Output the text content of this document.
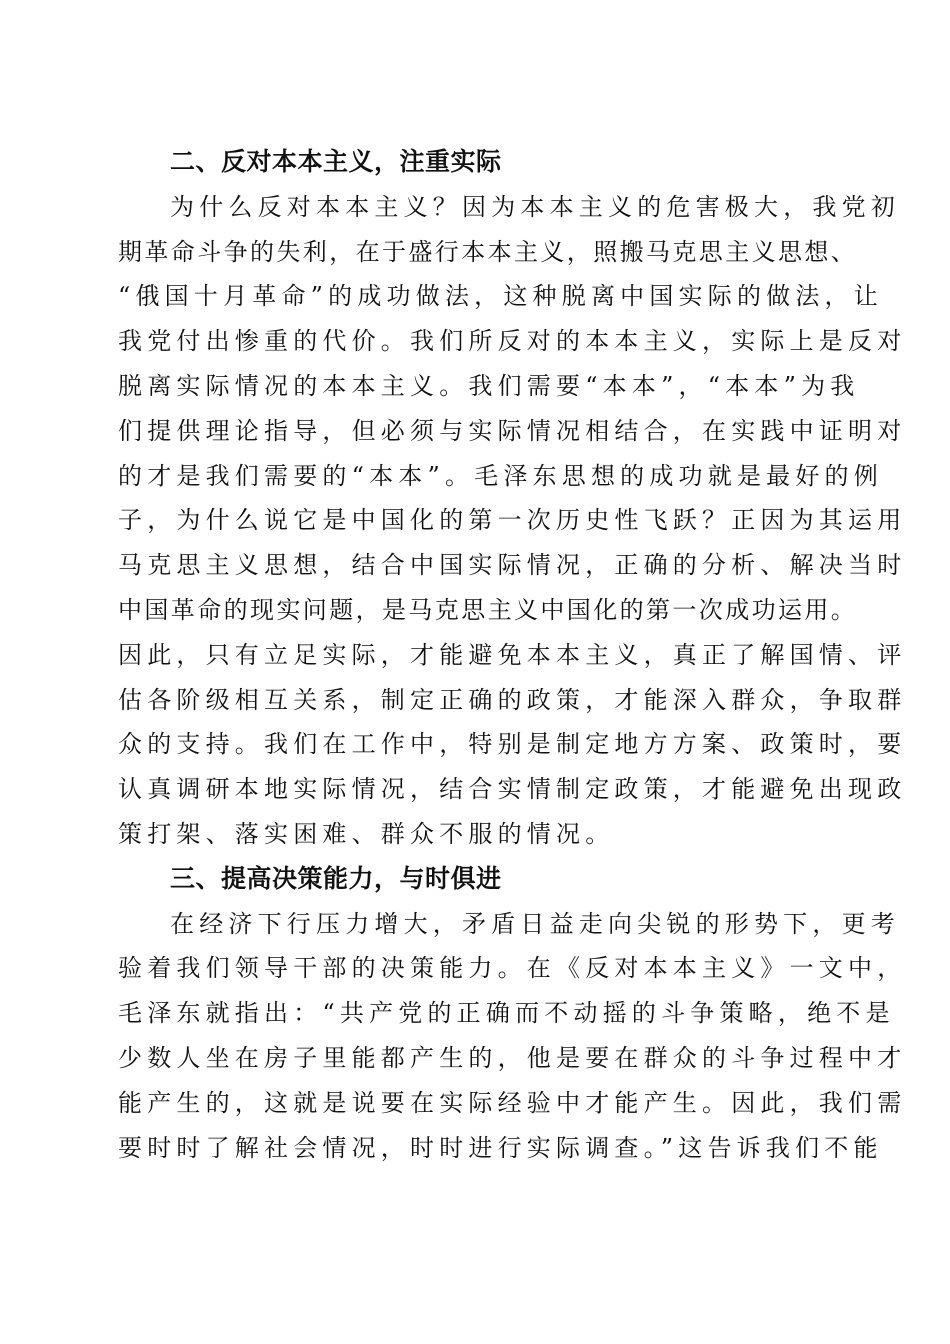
二、反对本本主义，注重实际

为什么反对本本主义？因为本本主义的危害极大，我党初
期革命斗争的失利，在于盛行本本主义，照搬马克思主义思想、
“俄国十月革命”的成功做法，这种脱离中国实际的做法，让
我党付出惨重的代价。我们所反对的本本主义，实际上是反对
脱离实际情况的本本主义。我们需要“本本”，“本本”为我
们提供理论指导，但必须与实际情况相结合，在实践中证明对
的才是我们需要的“本本”。毛泽东思想的成功就是最好的例
子，为什么说它是中国化的第一次历史性飞跃？正因为其运用
马克思主义思想，结合中国实际情况，正确的分析、解决当时
中国革命的现实问题，是马克思主义中国化的第一次成功运用。
因此，只有立足实际，才能避免本本主义，真正了解国情、评
估各阶级相互关系，制定正确的政策，才能深入群众，争取群
众的支持。我们在工作中，特别是制定地方方案、政策时，要
认真调研本地实际情况，结合实情制定政策，才能避免出现政
策打架、落实困难、群众不服的情况。

三、提高决策能力，与时俱进

在经济下行压力增大，矛盾日益走向尖锐的形势下，更考
验着我们领导干部的决策能力。在《反对本本主义》一文中，
毛泽东就指出：“共产党的正确而不动摇的斗争策略，绝不是
少数人坐在房子里能都产生的，他是要在群众的斗争过程中才
能产生的，这就是说要在实际经验中才能产生。因此，我们需
要时时了解社会情况，时时进行实际调查。”这告诉我们不能
